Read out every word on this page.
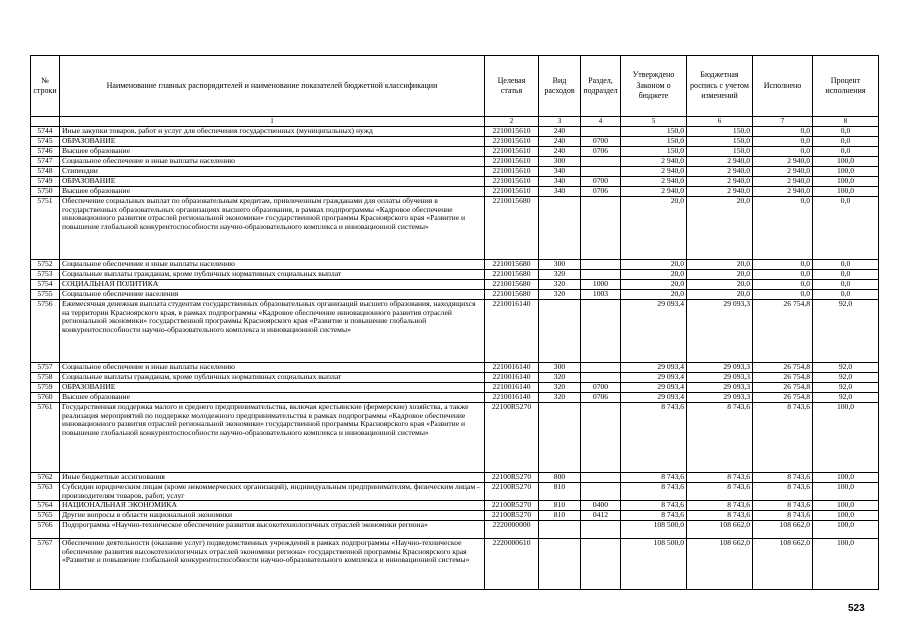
№ строки	Наименование главных распорядителей и наименование показателей бюджетной классификации	Целевая статья	Вид расходов	Раздел, подраздел	Утверждено Законом о бюджете	Бюджетная роспись с учетом изменений	Исполнено	Процент исполнения
	1	2	3	4	5	6	7	8
5744	Иные закупки товаров, работ и услуг для обеспечения государственных (муниципальных) нужд	2210015610	240		150,0	150,0	0,0	0,0
5745	ОБРАЗОВАНИЕ	2210015610	240	0700	150,0	150,0	0,0	0,0
5746	Высшее образование	2210015610	240	0706	150,0	150,0	0,0	0,0
5747	Социальное обеспечение и иные выплаты населению	2210015610	300		2 940,0	2 940,0	2 940,0	100,0
5748	Стипендии	2210015610	340		2 940,0	2 940,0	2 940,0	100,0
5749	ОБРАЗОВАНИЕ	2210015610	340	0700	2 940,0	2 940,0	2 940,0	100,0
5750	Высшее образование	2210015610	340	0706	2 940,0	2 940,0	2 940,0	100,0
5751	Обеспечение социальных выплат по образовательным кредитам, привлеченным гражданами для оплаты обучения в государственных образовательных организациях высшего образования, в рамках подпрограммы «Кадровое обеспечение инновационного развития отраслей региональной экономики» государственной программы Красноярского края «Развитие и повышение глобальной конкурентоспособности научно-образовательного комплекса и инновационной системы»	2210015680			20,0	20,0	0,0	0,0
5752	Социальное обеспечение и иные выплаты населению	2210015680	300		20,0	20,0	0,0	0,0
5753	Социальные выплаты гражданам, кроме публичных нормативных социальных выплат	2210015680	320		20,0	20,0	0,0	0,0
5754	СОЦИАЛЬНАЯ ПОЛИТИКА	2210015680	320	1000	20,0	20,0	0,0	0,0
5755	Социальное обеспечение населения	2210015680	320	1003	20,0	20,0	0,0	0,0
5756	Ежемесячная денежная выплата студентам государственных образовательных организаций высшего образования, находящихся на территории Красноярского края, в рамках подпрограммы «Кадровое обеспечение инновационного развития отраслей региональной экономики» государственной программы Красноярского края «Развитие и повышение глобальной конкурентоспособности научно-образовательного комплекса и инновационной системы»	2210016140			29 093,4	29 093,3	26 754,8	92,0
5757	Социальное обеспечение и иные выплаты населению	2210016140	300		29 093,4	29 093,3	26 754,8	92,0
5758	Социальные выплаты гражданам, кроме публичных нормативных социальных выплат	2210016140	320		29 093,4	29 093,3	26 754,8	92,0
5759	ОБРАЗОВАНИЕ	2210016140	320	0700	29 093,4	29 093,3	26 754,8	92,0
5760	Высшее образование	2210016140	320	0706	29 093,4	29 093,3	26 754,8	92,0
5761	Государственная поддержка малого и среднего предпринимательства, включая крестьянские (фермерские) хозяйства, а также реализация мероприятий по поддержке молодежного предпринимательства в рамках подпрограммы «Кадровое обеспечение инновационного развития отраслей региональной экономики» государственной программы Красноярского края «Развитие и повышение глобальной конкурентоспособности научно-образовательного комплекса и инновационной системы»	22100R5270			8 743,6	8 743,6	8 743,6	100,0
5762	Иные бюджетные ассигнования	22100R5270	800		8 743,6	8 743,6	8 743,6	100,0
5763	Субсидии юридическим лицам (кроме некоммерческих организаций), индивидуальным предпринимателям, физическим лицам - производителям товаров, работ, услуг	22100R5270	810		8 743,6	8 743,6	8 743,6	100,0
5764	НАЦИОНАЛЬНАЯ ЭКОНОМИКА	22100R5270	810	0400	8 743,6	8 743,6	8 743,6	100,0
5765	Другие вопросы в области национальной экономики	22100R5270	810	0412	8 743,6	8 743,6	8 743,6	100,0
5766	Подпрограмма «Научно-техническое обеспечение развития высокотехнологичных отраслей экономики региона»	2220000000			108 500,0	108 662,0	108 662,0	100,0
5767	Обеспечение деятельности (оказание услуг) подведомственных учреждений в рамках подпрограммы «Научно-техническое обеспечение развития высокотехнологичных отраслей экономики региона» государственной программы Красноярского края «Развитие и повышение глобальной конкурентоспособности научно-образовательного комплекса и инновационной системы»	2220000610			108 500,0	108 662,0	108 662,0	100,0
523
